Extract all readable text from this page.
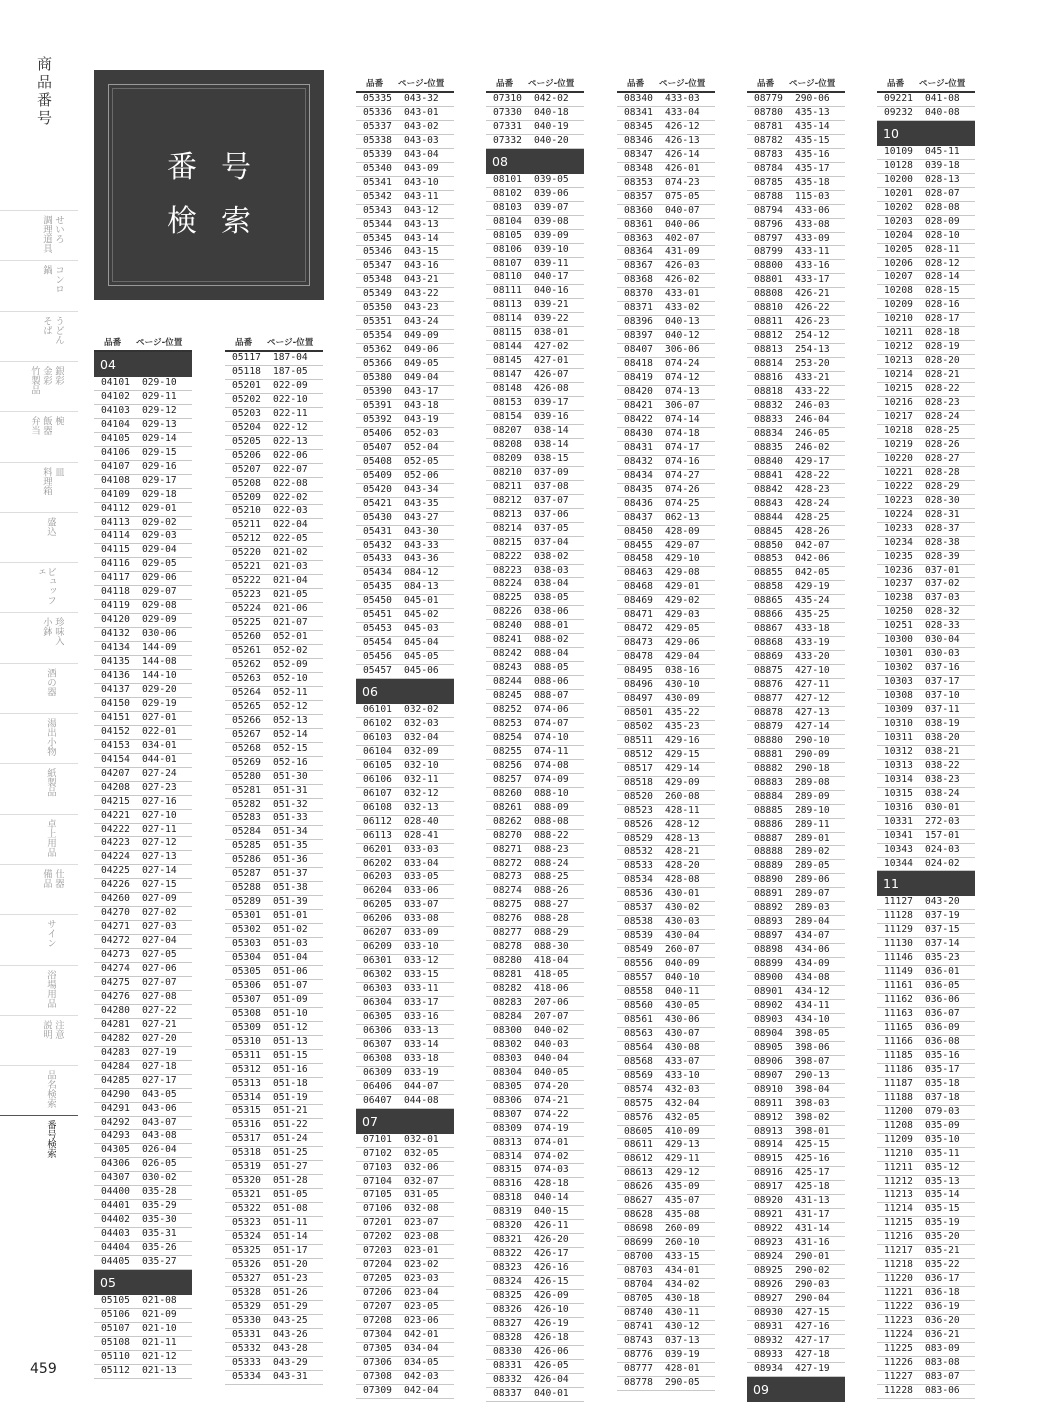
商品番号
調理道具 せいろ
鍋 コンロ
そば うどん
竹製品 金彩 銀彩
弁当 飯器 椀
料理箱 皿
盛込
ビュッフェ
小鉢 珍味入
酒の器
湯出小物
紙製品
卓上用品
備品 仕器
サイン
浴場用品
説明 注意
品名検索
番号検索
459
番号
検索
品番 ページ-位置
04
04101 029-10
04102 029-11
04103 029-12
04104 029-13
04105 029-14
04106 029-15
04107 029-16
04108 029-17
04109 029-18
04112 029-01
04113 029-02
04114 029-03
04115 029-04
04116 029-05
04117 029-06
04118 029-07
04119 029-08
04120 029-09
04132 030-06
04134 144-09
04135 144-08
04136 144-10
04137 029-20
04150 029-19
04151 027-01
04152 022-01
04153 034-01
04154 044-01
04207 027-24
04208 027-23
04215 027-16
04221 027-10
04222 027-11
04223 027-12
04224 027-13
04225 027-14
04226 027-15
04260 027-09
04270 027-02
04271 027-03
04272 027-04
04273 027-05
04274 027-06
04275 027-07
04276 027-08
04280 027-22
04281 027-21
04282 027-20
04283 027-19
04284 027-18
04285 027-17
04290 043-05
04291 043-06
04292 043-07
04293 043-08
04305 026-04
04306 026-05
04307 030-02
04400 035-28
04401 035-29
04402 035-30
04403 035-31
04404 035-26
04405 035-27
05
05105 021-08
05106 021-09
05107 021-10
05108 021-11
05110 021-12
05112 021-13
品番 ページ-位置
05117 187-04
05118 187-05
05201 022-09
05202 022-10
05203 022-11
05204 022-12
05205 022-13
05206 022-06
05207 022-07
05208 022-08
05209 022-02
05210 022-03
05211 022-04
05212 022-05
05220 021-02
05221 021-03
05222 021-04
05223 021-05
05224 021-06
05225 021-07
05260 052-01
05261 052-02
05262 052-09
05263 052-10
05264 052-11
05265 052-12
05266 052-13
05267 052-14
05268 052-15
05269 052-16
05280 051-30
05281 051-31
05282 051-32
05283 051-33
05284 051-34
05285 051-35
05286 051-36
05287 051-37
05288 051-38
05289 051-39
05301 051-01
05302 051-02
05303 051-03
05304 051-04
05305 051-06
05306 051-07
05307 051-09
05308 051-10
05309 051-12
05310 051-13
05311 051-15
05312 051-16
05313 051-18
05314 051-19
05315 051-21
05316 051-22
05317 051-24
05318 051-25
05319 051-27
05320 051-28
05321 051-05
05322 051-08
05323 051-11
05324 051-14
05325 051-17
05326 051-20
05327 051-23
05328 051-26
05329 051-29
05330 043-25
05331 043-26
05332 043-28
05333 043-29
05334 043-31
品番 ページ-位置
05335 043-32
05336 043-01
05337 043-02
05338 043-03
05339 043-04
05340 043-09
05341 043-10
05342 043-11
05343 043-12
05344 043-13
05345 043-14
05346 043-15
05347 043-16
05348 043-21
05349 043-22
05350 043-23
05351 043-24
05354 049-09
05362 049-06
05366 049-05
05380 049-04
05390 043-17
05391 043-18
05392 043-19
05406 052-03
05407 052-04
05408 052-05
05409 052-06
05420 043-34
05421 043-35
05430 043-27
05431 043-30
05432 043-33
05433 043-36
05434 084-12
05435 084-13
05450 045-01
05451 045-02
05453 045-03
05454 045-04
05456 045-05
05457 045-06
06
06101 032-02
06102 032-03
06103 032-04
06104 032-09
06105 032-10
06106 032-11
06107 032-12
06108 032-13
06112 028-40
06113 028-41
06201 033-03
06202 033-04
06203 033-05
06204 033-06
06205 033-07
06206 033-08
06207 033-09
06209 033-10
06301 033-12
06302 033-15
06303 033-11
06304 033-17
06305 033-16
06306 033-13
06307 033-14
06308 033-18
06309 033-19
06406 044-07
06407 044-08
07
07101 032-01
07102 032-05
07103 032-06
07104 032-07
07105 031-05
07106 032-08
07201 023-07
07202 023-08
07203 023-01
07204 023-02
07205 023-03
07206 023-04
07207 023-05
07208 023-06
07304 042-01
07305 034-04
07306 034-05
07308 042-03
07309 042-04
品番 ページ-位置
07310 042-02
07330 040-18
07331 040-19
07332 040-20
08
08101 039-05
08102 039-06
08103 039-07
08104 039-08
08105 039-09
08106 039-10
08107 039-11
08110 040-17
08111 040-16
08113 039-21
08114 039-22
08115 038-01
08144 427-02
08145 427-01
08147 426-07
08148 426-08
08153 039-17
08154 039-16
08207 038-14
08208 038-14
08209 038-15
08210 037-09
08211 037-08
08212 037-07
08213 037-06
08214 037-05
08215 037-04
08222 038-02
08223 038-03
08224 038-04
08225 038-05
08226 038-06
08240 088-01
08241 088-02
08242 088-04
08243 088-05
08244 088-06
08245 088-07
08252 074-06
08253 074-07
08254 074-10
08255 074-11
08256 074-08
08257 074-09
08260 088-10
08261 088-09
08262 088-08
08270 088-22
08271 088-23
08272 088-24
08273 088-25
08274 088-26
08275 088-27
08276 088-28
08277 088-29
08278 088-30
08280 418-04
08281 418-05
08282 418-06
08283 207-06
08284 207-07
08300 040-02
08302 040-03
08303 040-04
08304 040-05
08305 074-20
08306 074-21
08307 074-22
08309 074-19
08313 074-01
08314 074-02
08315 074-03
08316 428-18
08318 040-14
08319 040-15
08320 426-11
08321 426-20
08322 426-17
08323 426-16
08324 426-15
08325 426-09
08326 426-10
08327 426-19
08328 426-18
08330 426-06
08331 426-05
08332 426-04
08337 040-01
品番 ページ-位置
08340 433-03
08341 433-04
08345 426-12
08346 426-13
08347 426-14
08348 426-01
08353 074-23
08357 075-05
08360 040-07
08361 040-06
08363 402-07
08364 431-09
08367 426-03
08368 426-02
08370 433-01
08371 433-02
08396 040-13
08397 040-12
08407 306-06
08418 074-24
08419 074-12
08420 074-13
08421 306-07
08422 074-14
08430 074-18
08431 074-17
08432 074-16
08434 074-27
08435 074-26
08436 074-25
08437 062-13
08450 428-09
08455 429-07
08458 429-10
08463 429-08
08468 429-01
08469 429-02
08471 429-03
08472 429-05
08473 429-06
08478 429-04
08495 038-16
08496 430-10
08497 430-09
08501 435-22
08502 435-23
08511 429-16
08512 429-15
08517 429-14
08518 429-09
08520 260-08
08523 428-11
08526 428-12
08529 428-13
08532 428-21
08533 428-20
08534 428-08
08536 430-01
08537 430-02
08538 430-03
08539 430-04
08549 260-07
08556 040-09
08557 040-10
08558 040-11
08560 430-05
08561 430-06
08563 430-07
08564 430-08
08568 433-07
08569 433-10
08574 432-03
08575 432-04
08576 432-05
08605 410-09
08611 429-13
08612 429-11
08613 429-12
08626 435-09
08627 435-07
08628 435-08
08698 260-09
08699 260-10
08700 433-15
08703 434-01
08704 434-02
08705 430-18
08740 430-11
08741 430-12
08743 037-13
08776 039-19
08777 428-01
08778 290-05
品番 ページ-位置
08779 290-06
08780 435-13
08781 435-14
08782 435-15
08783 435-16
08784 435-17
08785 435-18
08788 115-03
08794 433-06
08796 433-08
08797 433-09
08799 433-11
08800 433-16
08801 433-17
08808 426-21
08810 426-22
08811 426-23
08812 254-12
08813 254-13
08814 253-20
08816 433-21
08818 433-22
08832 246-03
08833 246-04
08834 246-05
08835 246-02
08840 429-17
08841 428-22
08842 428-23
08843 428-24
08844 428-25
08845 428-26
08850 042-07
08853 042-06
08855 042-05
08858 429-19
08865 435-24
08866 435-25
08867 433-18
08868 433-19
08869 433-20
08875 427-10
08876 427-11
08877 427-12
08878 427-13
08879 427-14
08880 290-10
08881 290-09
08882 290-18
08883 289-08
08884 289-09
08885 289-10
08886 289-11
08887 289-01
08888 289-02
08889 289-05
08890 289-06
08891 289-07
08892 289-03
08893 289-04
08897 434-07
08898 434-06
08899 434-09
08900 434-08
08901 434-12
08902 434-11
08903 434-10
08904 398-05
08905 398-06
08906 398-07
08907 290-13
08910 398-04
08911 398-03
08912 398-02
08913 398-01
08914 425-15
08915 425-16
08916 425-17
08917 425-18
08920 431-13
08921 431-17
08922 431-14
08923 431-16
08924 290-01
08925 290-02
08926 290-03
08927 290-04
08930 427-15
08931 427-16
08932 427-17
08933 427-18
08934 427-19
09
品番 ページ-位置
09221 041-08
09232 040-08
10
10109 045-11
10128 039-18
10200 028-13
10201 028-07
10202 028-08
10203 028-09
10204 028-10
10205 028-11
10206 028-12
10207 028-14
10208 028-15
10209 028-16
10210 028-17
10211 028-18
10212 028-19
10213 028-20
10214 028-21
10215 028-22
10216 028-23
10217 028-24
10218 028-25
10219 028-26
10220 028-27
10221 028-28
10222 028-29
10223 028-30
10224 028-31
10233 028-37
10234 028-38
10235 028-39
10236 037-01
10237 037-02
10238 037-03
10250 028-32
10251 028-33
10300 030-04
10301 030-03
10302 037-16
10303 037-17
10308 037-10
10309 037-11
10310 038-19
10311 038-20
10312 038-21
10313 038-22
10314 038-23
10315 038-24
10316 030-01
10331 272-03
10341 157-01
10343 024-03
10344 024-02
11
11127 043-20
11128 037-19
11129 037-15
11130 037-14
11146 035-23
11149 036-01
11161 036-05
11162 036-06
11163 036-07
11165 036-09
11166 036-08
11185 035-16
11186 035-17
11187 035-18
11188 037-18
11200 079-03
11208 035-09
11209 035-10
11210 035-11
11211 035-12
11212 035-13
11213 035-14
11214 035-15
11215 035-19
11216 035-20
11217 035-21
11218 035-22
11220 036-17
11221 036-18
11222 036-19
11223 036-20
11224 036-21
11225 083-09
11226 083-08
11227 083-07
11228 083-06
